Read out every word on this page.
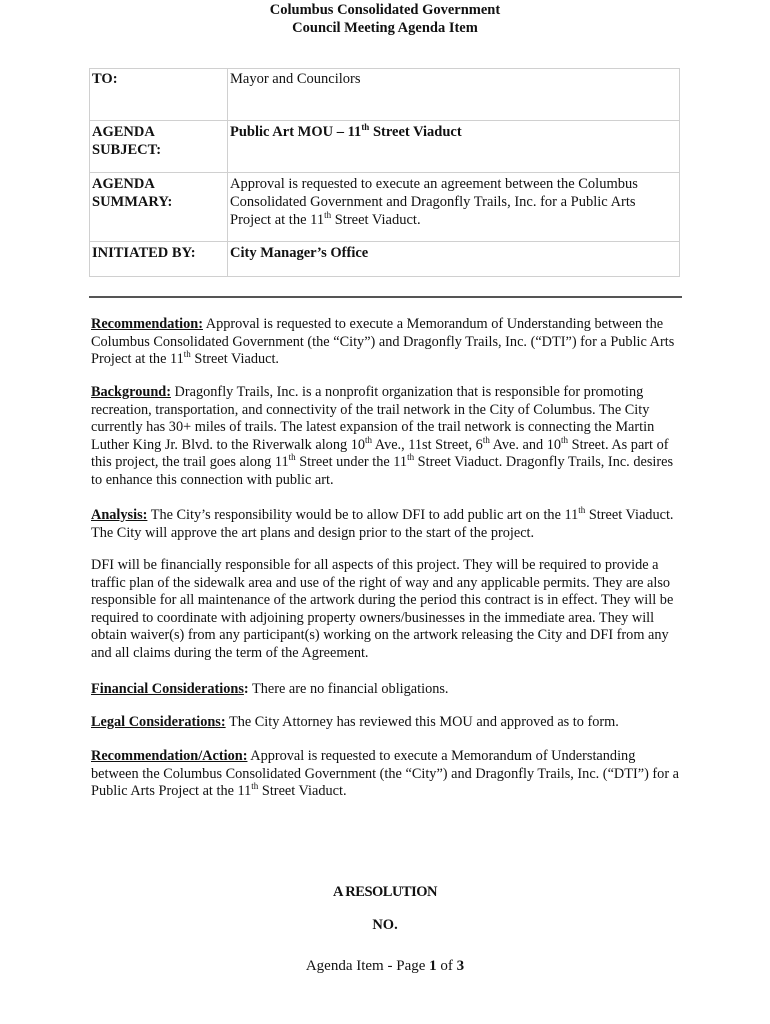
Columbus Consolidated Government
Council Meeting Agenda Item
TO:	Mayor and Councilors
AGENDA SUBJECT:	Public Art MOU – 11th Street Viaduct
AGENDA SUMMARY:	Approval is requested to execute an agreement between the Columbus Consolidated Government and Dragonfly Trails, Inc. for a Public Arts Project at the 11th Street Viaduct.
INITIATED BY:	City Manager’s Office

Recommendation: Approval is requested to execute a Memorandum of Understanding between the Columbus Consolidated Government (the “City”) and Dragonfly Trails, Inc. (“DTI”) for a Public Arts Project at the 11th Street Viaduct.

Background: Dragonfly Trails, Inc. is a nonprofit organization that is responsible for promoting recreation, transportation, and connectivity of the trail network in the City of Columbus. The City currently has 30+ miles of trails. The latest expansion of the trail network is connecting the Martin Luther King Jr. Blvd. to the Riverwalk along 10th Ave., 11st Street, 6th Ave. and 10th Street. As part of this project, the trail goes along 11th Street under the 11th Street Viaduct. Dragonfly Trails, Inc. desires to enhance this connection with public art.

Analysis: The City’s responsibility would be to allow DFI to add public art on the 11th Street Viaduct. The City will approve the art plans and design prior to the start of the project.

DFI will be financially responsible for all aspects of this project. They will be required to provide a traffic plan of the sidewalk area and use of the right of way and any applicable permits. They are also responsible for all maintenance of the artwork during the period this contract is in effect. They will be required to coordinate with adjoining property owners/businesses in the immediate area. They will obtain waiver(s) from any participant(s) working on the artwork releasing the City and DFI from any and all claims during the term of the Agreement.

Financial Considerations: There are no financial obligations.

Legal Considerations: The City Attorney has reviewed this MOU and approved as to form.

Recommendation/Action: Approval is requested to execute a Memorandum of Understanding between the Columbus Consolidated Government (the “City”) and Dragonfly Trails, Inc. (“DTI”) for a Public Arts Project at the 11th Street Viaduct.

A RESOLUTION
NO.
Agenda Item - Page 1 of 3
